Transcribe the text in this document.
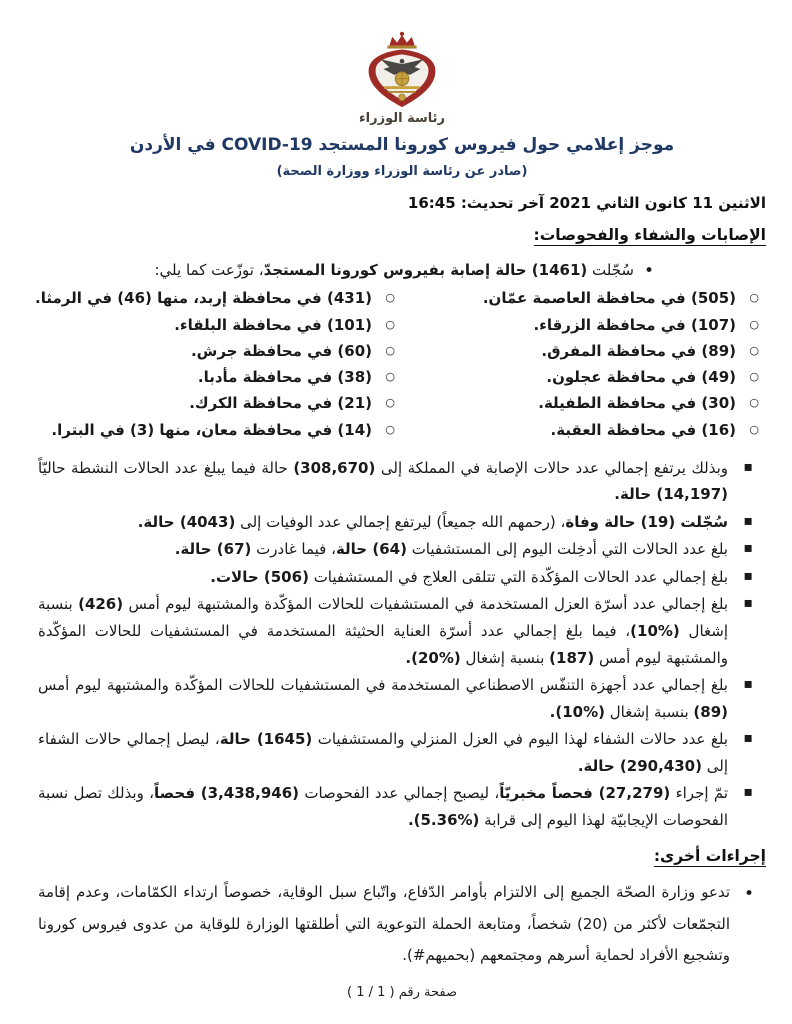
رئاسة الوزراء
موجز إعلامي حول فيروس كورونا المستجد COVID-19 في الأردن
(صادر عن رئاسة الوزراء ووزارة الصحة)
الاثنين 11 كانون الثاني 2021 آخر تحديث: 16:45
الإصابات والشفاء والفحوصات:
• سُجّلت (1461) حالة إصابة بفيروس كورونا المستجدّ، توزّعت كما يلي:
○ (505) في محافظة العاصمة عمّان.
○ (107) في محافظة الزرقاء.
○ (89) في محافظة المفرق.
○ (49) في محافظة عجلون.
○ (30) في محافظة الطفيلة.
○ (16) في محافظة العقبة.
○ (431) في محافظة إربد، منها (46) في الرمثا.
○ (101) في محافظة البلقاء.
○ (60) في محافظة جرش.
○ (38) في محافظة مأدبا.
○ (21) في محافظة الكرك.
○ (14) في محافظة معان، منها (3) في البترا.
▪ وبذلك يرتفع إجمالي عدد حالات الإصابة في المملكة إلى (308,670) حالة فيما يبلغ عدد الحالات النشطة حاليّاً (14,197) حالة.
▪ سُجّلت (19) حالة وفاة، (رحمهم الله جميعاً) ليرتفع إجمالي عدد الوفيات إلى (4043) حالة.
▪ بلغ عدد الحالات التي أدخِلت اليوم إلى المستشفيات (64) حالة، فيما غادرت (67) حالة.
▪ بلغ إجمالي عدد الحالات المؤكّدة التي تتلقى العلاج في المستشفيات (506) حالات.
▪ بلغ إجمالي عدد أسرّة العزل المستخدمة في المستشفيات للحالات المؤكّدة والمشتبهة ليوم أمس (426) بنسبة إشغال (%10)، فيما بلغ إجمالي عدد أسرّة العناية الحثيثة المستخدمة في المستشفيات للحالات المؤكّدة والمشتبهة ليوم أمس (187) بنسبة إشغال (%20).
▪ بلغ إجمالي عدد أجهزة التنفّس الاصطناعي المستخدمة في المستشفيات للحالات المؤكّدة والمشتبهة ليوم أمس (89) بنسبة إشغال (%10).
▪ بلغ عدد حالات الشفاء لهذا اليوم في العزل المنزلي والمستشفيات (1645) حالة، ليصل إجمالي حالات الشفاء إلى (290,430) حالة.
▪ تمّ إجراء (27,279) فحصاً مخبريّاً، ليصبح إجمالي عدد الفحوصات (3,438,946) فحصاً، وبذلك تصل نسبة الفحوصات الإيجابيّة لهذا اليوم إلى قرابة (%5.36).
إجراءات أخرى:
• تدعو وزارة الصحّة الجميع إلى الالتزام بأوامر الدّفاع، واتّباع سبل الوقاية، خصوصاً ارتداء الكمّامات، وعدم إقامة التجمّعات لأكثر من (20) شخصاً، ومتابعة الحملة التوعوية التي أطلقتها الوزارة للوقاية من عدوى فيروس كورونا وتشجيع الأفراد لحماية أسرهم ومجتمعهم (#بحميهم).
صفحة رقم ( 1 / 1 )
